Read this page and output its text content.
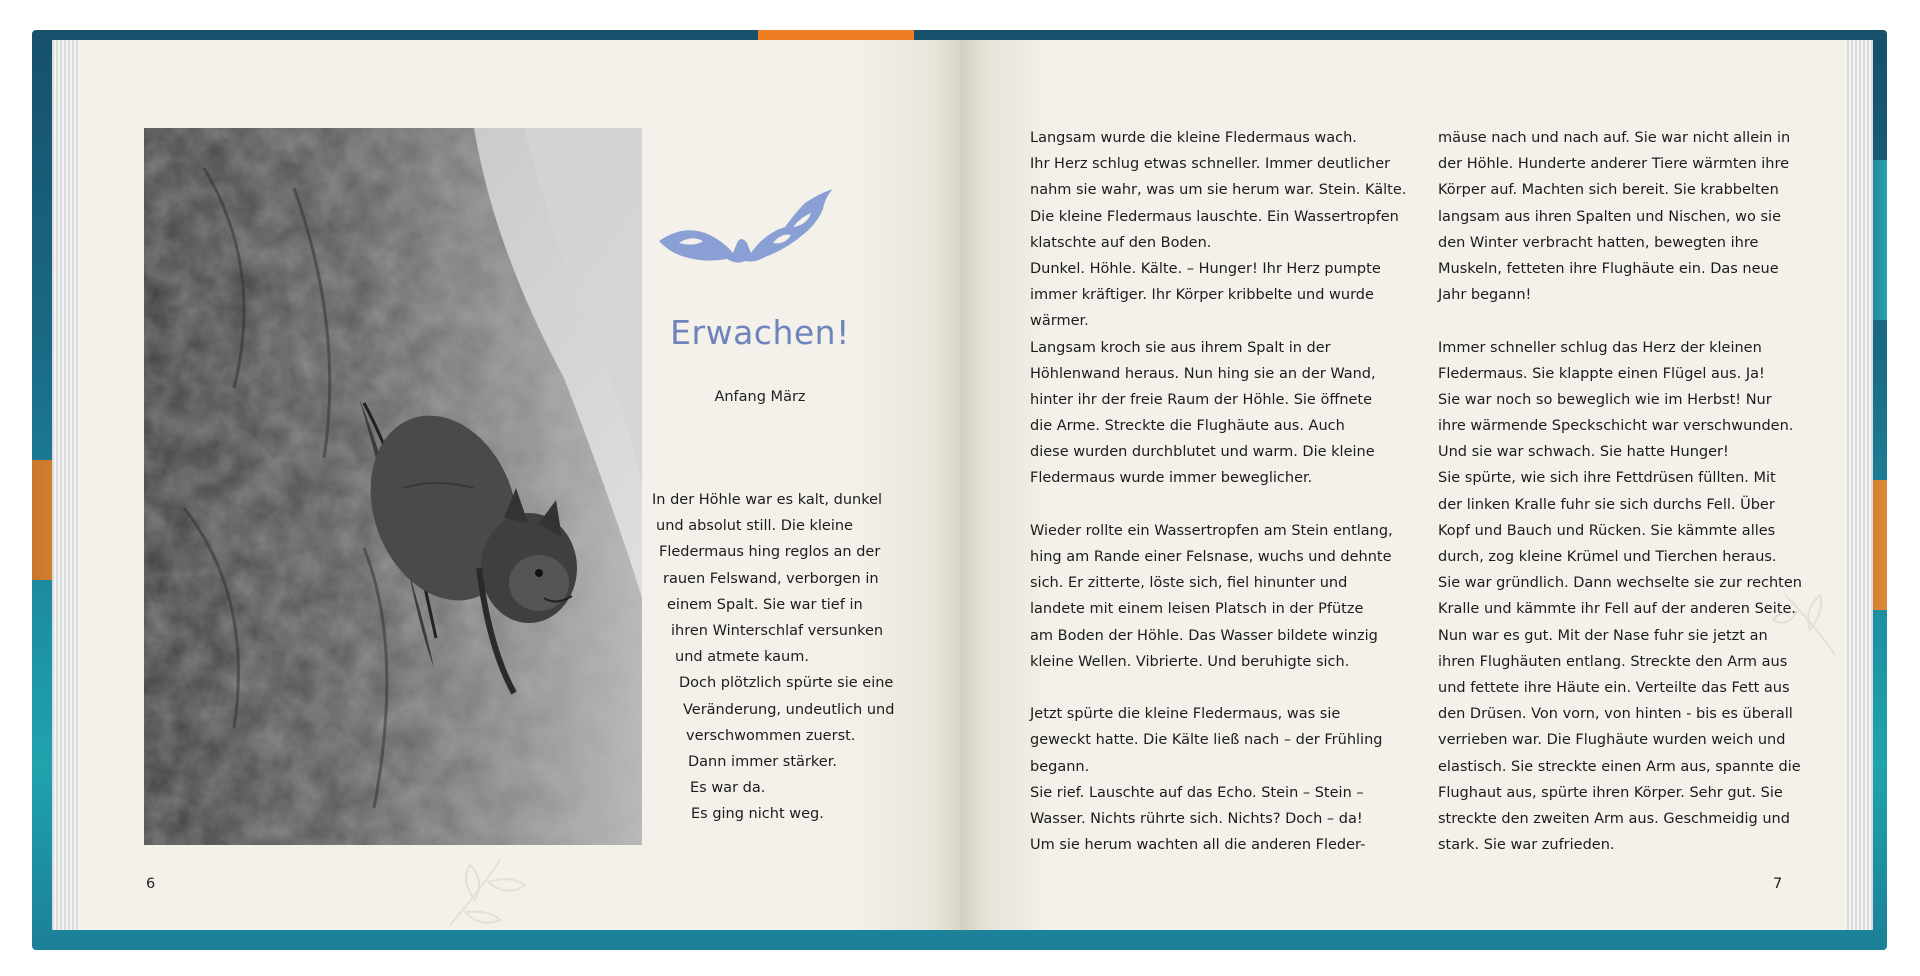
Erwachen!
Anfang März
In der Höhle war es kalt, dunkel
und absolut still. Die kleine
Fledermaus hing reglos an der
rauen Felswand, verborgen in
einem Spalt. Sie war tief in
ihren Winterschlaf versunken
und atmete kaum.
Doch plötzlich spürte sie eine
Veränderung, undeutlich und
verschwommen zuerst.
Dann immer stärker.
Es war da.
Es ging nicht weg.
Langsam wurde die kleine Fledermaus wach.
Ihr Herz schlug etwas schneller. Immer deutlicher
nahm sie wahr, was um sie herum war. Stein. Kälte.
Die kleine Fledermaus lauschte. Ein Wassertropfen
klatschte auf den Boden.
Dunkel. Höhle. Kälte. – Hunger! Ihr Herz pumpte
immer kräftiger. Ihr Körper kribbelte und wurde
wärmer.
Langsam kroch sie aus ihrem Spalt in der
Höhlenwand heraus. Nun hing sie an der Wand,
hinter ihr der freie Raum der Höhle. Sie öffnete
die Arme. Streckte die Flughäute aus. Auch
diese wurden durchblutet und warm. Die kleine
Fledermaus wurde immer beweglicher.
Wieder rollte ein Wassertropfen am Stein entlang,
hing am Rande einer Felsnase, wuchs und dehnte
sich. Er zitterte, löste sich, fiel hinunter und
landete mit einem leisen Platsch in der Pfütze
am Boden der Höhle. Das Wasser bildete winzig
kleine Wellen. Vibrierte. Und beruhigte sich.
Jetzt spürte die kleine Fledermaus, was sie
geweckt hatte. Die Kälte ließ nach – der Frühling
begann.
Sie rief. Lauschte auf das Echo. Stein – Stein –
Wasser. Nichts rührte sich. Nichts? Doch – da!
Um sie herum wachten all die anderen Fleder-
mäuse nach und nach auf. Sie war nicht allein in
der Höhle. Hunderte anderer Tiere wärmten ihre
Körper auf. Machten sich bereit. Sie krabbelten
langsam aus ihren Spalten und Nischen, wo sie
den Winter verbracht hatten, bewegten ihre
Muskeln, fetteten ihre Flughäute ein. Das neue
Jahr begann!
Immer schneller schlug das Herz der kleinen
Fledermaus. Sie klappte einen Flügel aus. Ja!
Sie war noch so beweglich wie im Herbst! Nur
ihre wärmende Speckschicht war verschwunden.
Und sie war schwach. Sie hatte Hunger!
Sie spürte, wie sich ihre Fettdrüsen füllten. Mit
der linken Kralle fuhr sie sich durchs Fell. Über
Kopf und Bauch und Rücken. Sie kämmte alles
durch, zog kleine Krümel und Tierchen heraus.
Sie war gründlich. Dann wechselte sie zur rechten
Kralle und kämmte ihr Fell auf der anderen Seite.
Nun war es gut. Mit der Nase fuhr sie jetzt an
ihren Flughäuten entlang. Streckte den Arm aus
und fettete ihre Häute ein. Verteilte das Fett aus
den Drüsen. Von vorn, von hinten - bis es überall
verrieben war. Die Flughäute wurden weich und
elastisch. Sie streckte einen Arm aus, spannte die
Flughaut aus, spürte ihren Körper. Sehr gut. Sie
streckte den zweiten Arm aus. Geschmeidig und
stark. Sie war zufrieden.
6	7
